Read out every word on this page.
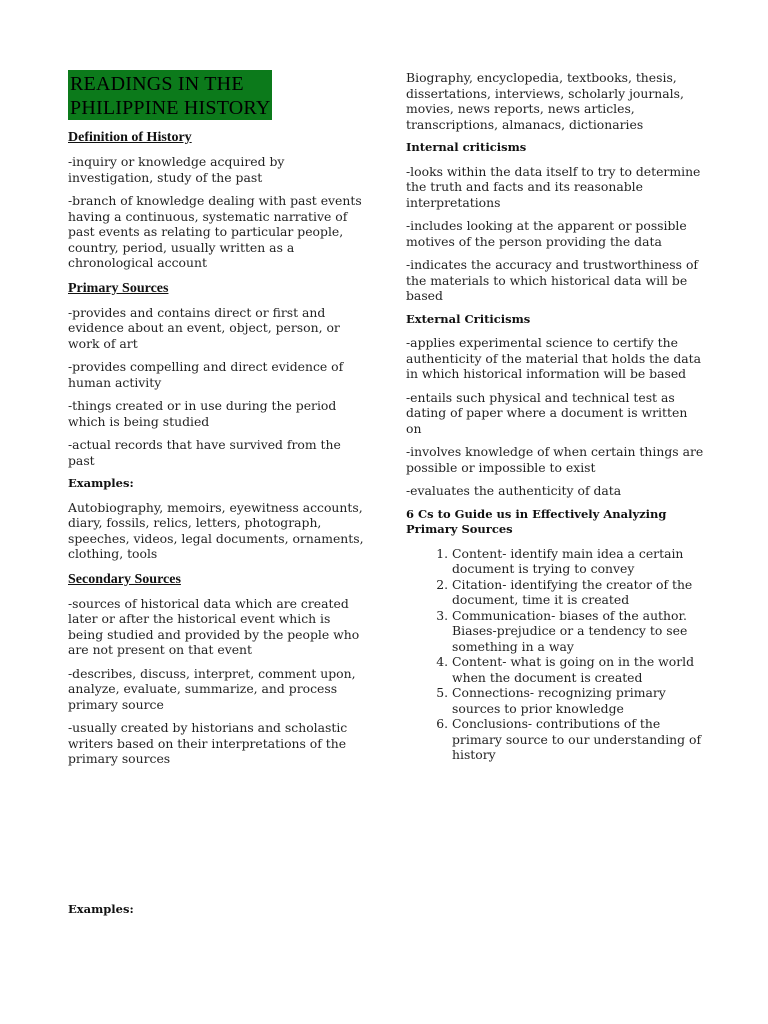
READINGS IN THE
PHILIPPINE HISTORY
Definition of History

-inquiry or knowledge acquired by investigation, study of the past

-branch of knowledge dealing with past events having a continuous, systematic narrative of past events as relating to particular people, country, period, usually written as a chronological account

Primary Sources

-provides and contains direct or first and evidence about an event, object, person, or work of art

-provides compelling and direct evidence of human activity

-things created or in use during the period which is being studied

-actual records that have survived from the past

Examples:

Autobiography, memoirs, eyewitness accounts, diary, fossils, relics, letters, photograph, speeches, videos, legal documents, ornaments, clothing, tools

Secondary Sources

-sources of historical data which are created later or after the historical event which is being studied and provided by the people who are not present on that event

-describes, discuss, interpret, comment upon, analyze, evaluate, summarize, and process primary source

-usually created by historians and scholastic writers based on their interpretations of the primary sources

Examples:

Biography, encyclopedia, textbooks, thesis, dissertations, interviews, scholarly journals, movies, news reports, news articles, transcriptions, almanacs, dictionaries

Internal criticisms

-looks within the data itself to try to determine the truth and facts and its reasonable interpretations

-includes looking at the apparent or possible motives of the person providing the data

-indicates the accuracy and trustworthiness of the materials to which historical data will be based

External Criticisms

-applies experimental science to certify the authenticity of the material that holds the data in which historical information will be based

-entails such physical and technical test as dating of paper where a document is written on

-involves knowledge of when certain things are possible or impossible to exist

-evaluates the authenticity of data

6 Cs to Guide us in Effectively Analyzing Primary Sources
1. Content- identify main idea a certain document is trying to convey
2. Citation- identifying the creator of the document, time it is created
3. Communication- biases of the author. Biases-prejudice or a tendency to see something in a way
4. Content- what is going on in the world when the document is created
5. Connections- recognizing primary sources to prior knowledge
6. Conclusions- contributions of the primary source to our understanding of history
